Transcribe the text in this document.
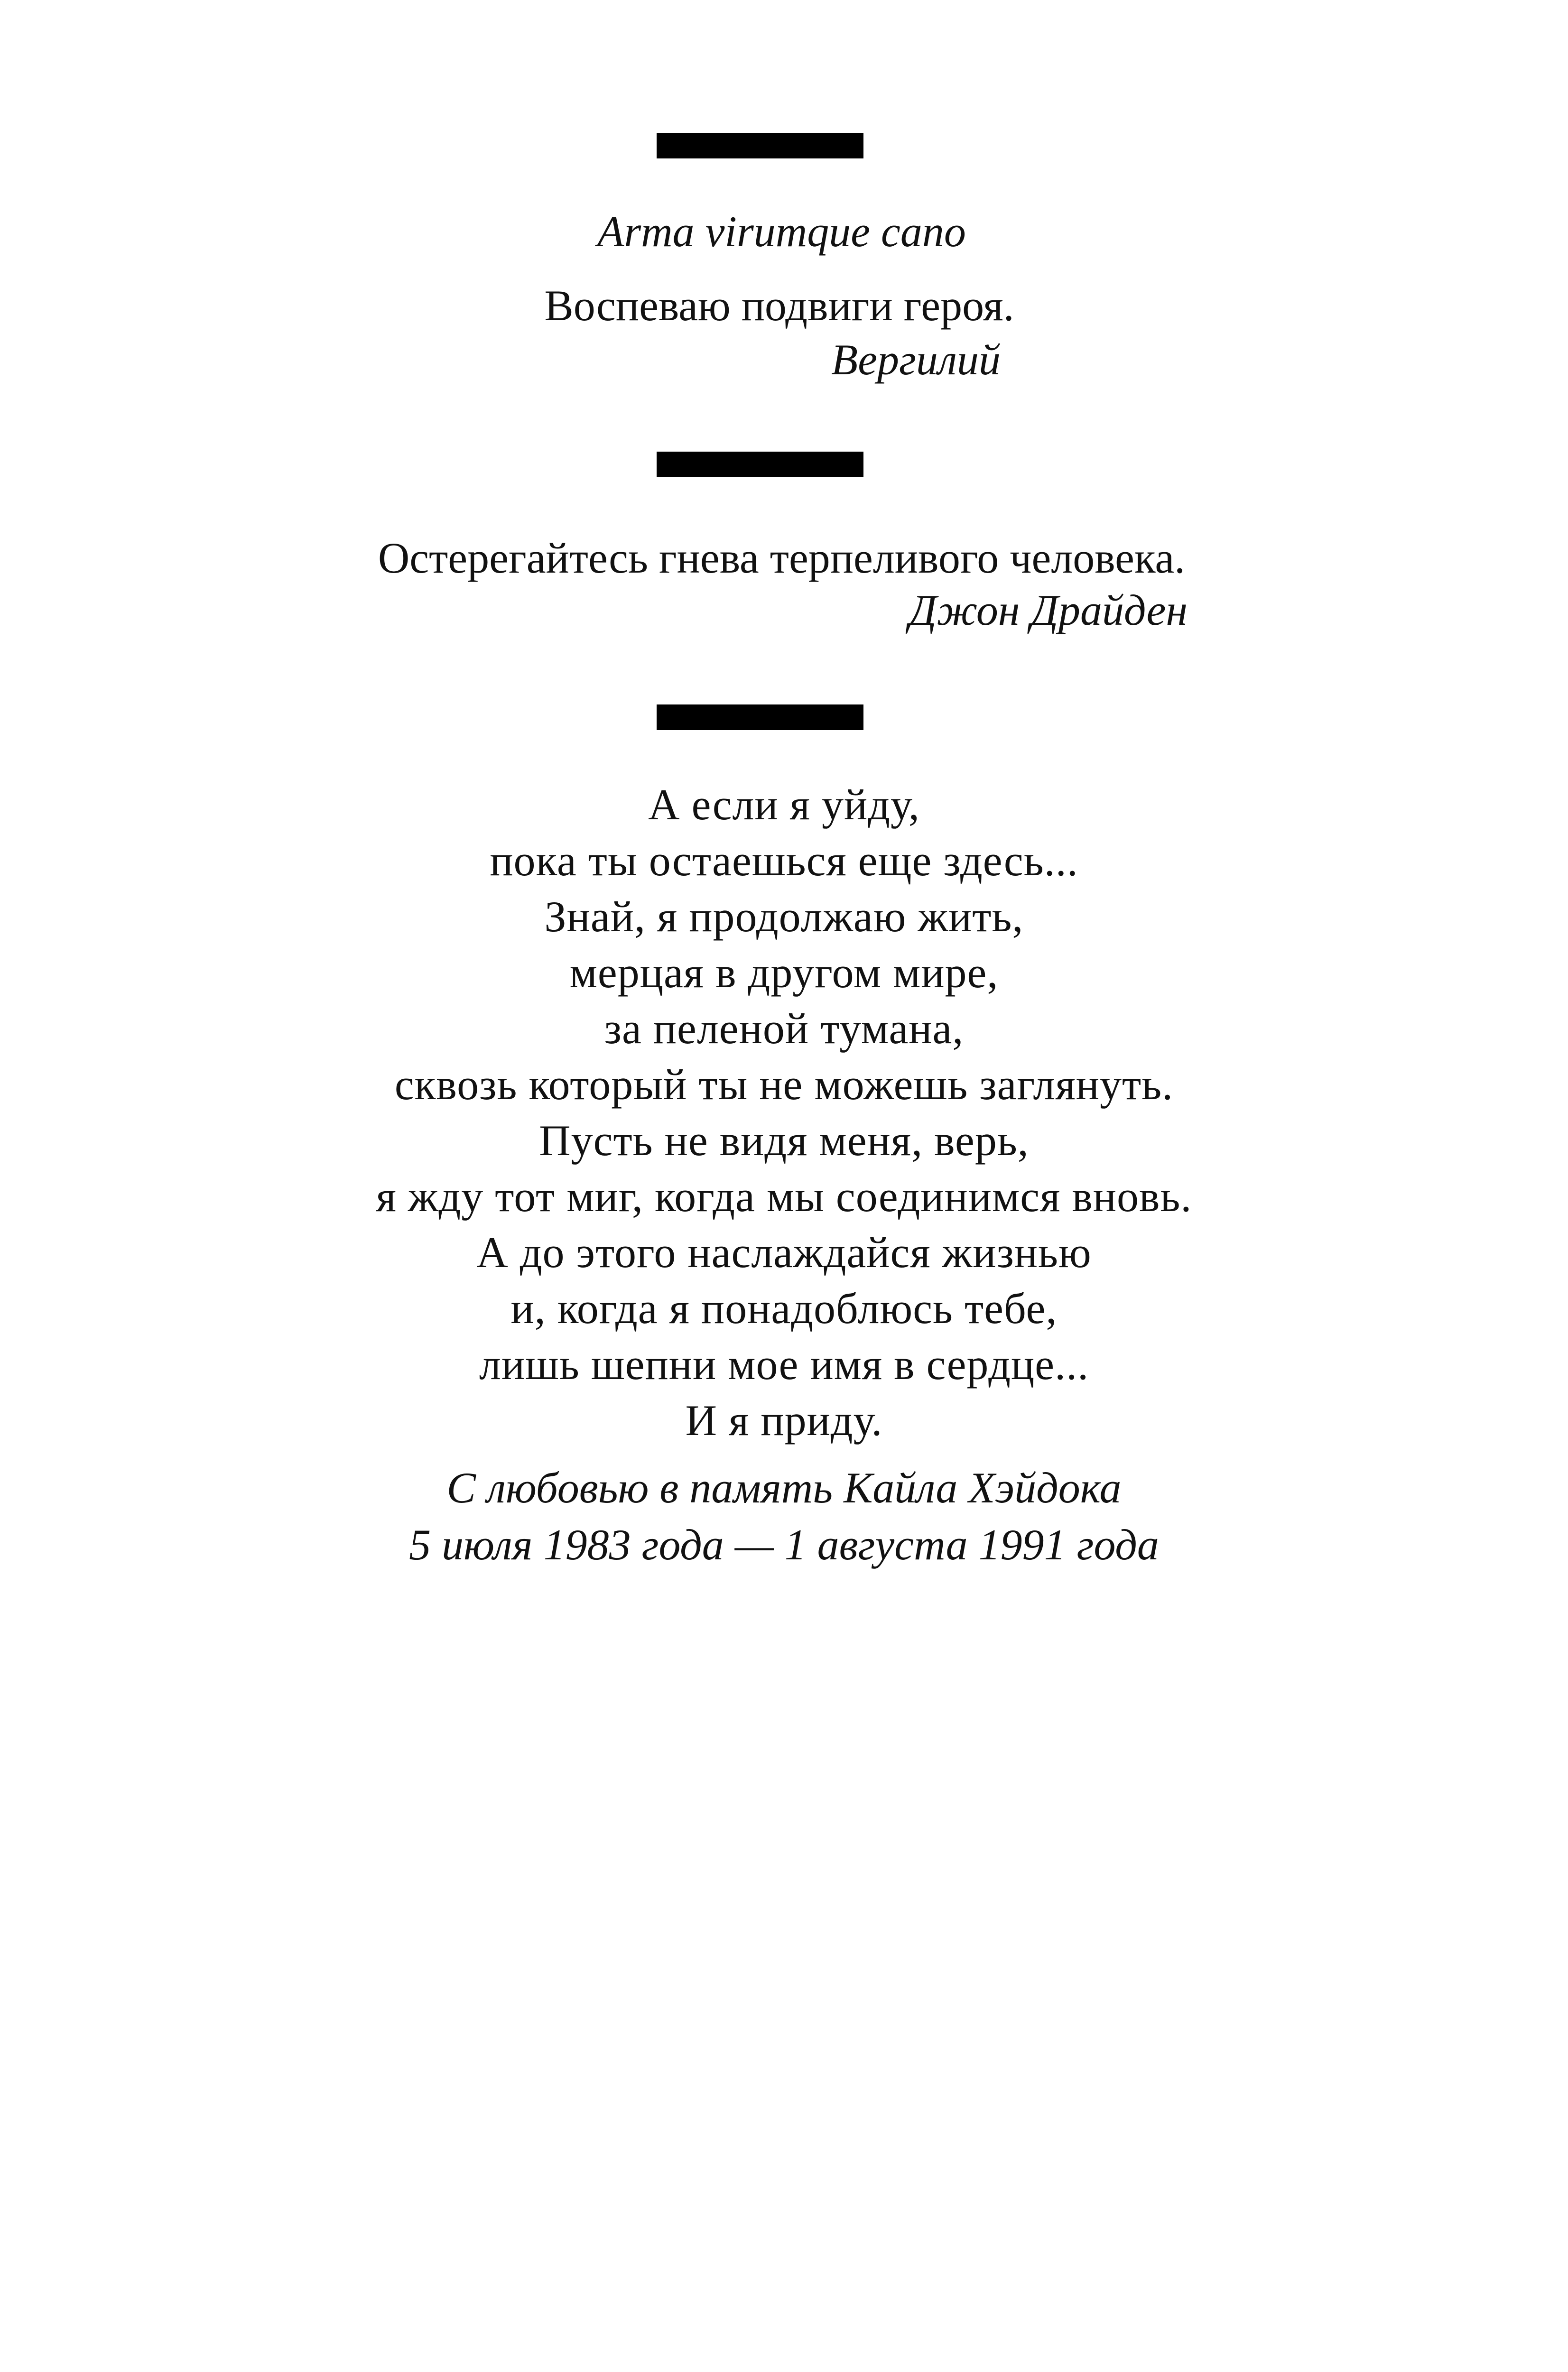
Arma virumque cano
Воспеваю подвиги героя.
Вергилий
Остерегайтесь гнева терпеливого человека.
Джон Драйден
А если я уйду,
пока ты остаешься еще здесь...
Знай, я продолжаю жить,
мерцая в другом мире,
за пеленой тумана,
сквозь который ты не можешь заглянуть.
Пусть не видя меня, верь,
я жду тот миг, когда мы соединимся вновь.
А до этого наслаждайся жизнью
и, когда я понадоблюсь тебе,
лишь шепни мое имя в сердце...
И я приду.
С любовью в память Кайла Хэйдока
5 июля 1983 года — 1 августа 1991 года
